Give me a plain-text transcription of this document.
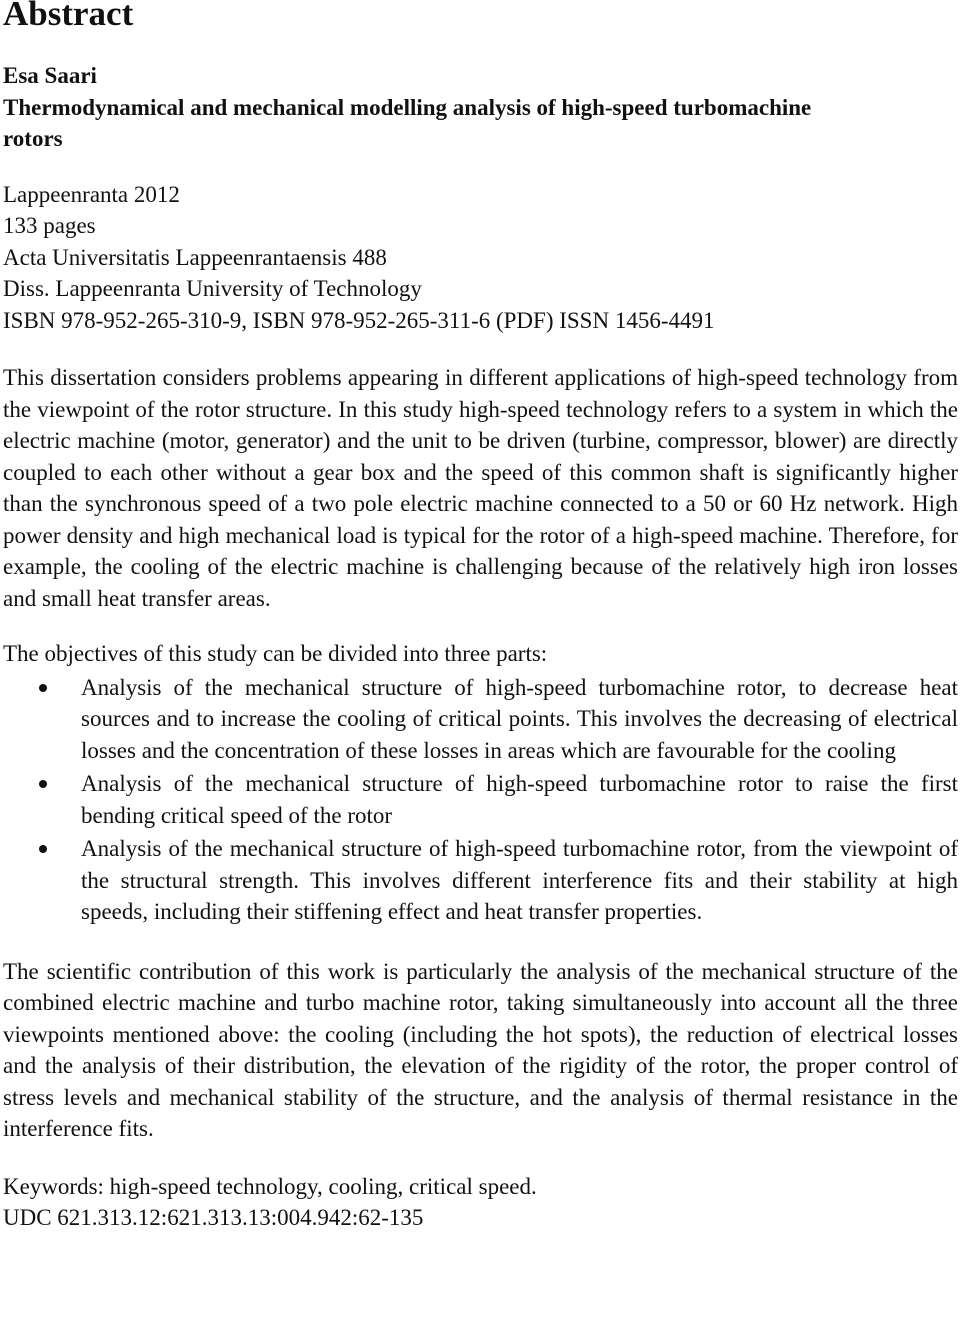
Abstract
Esa Saari
Thermodynamical and mechanical modelling analysis of high-speed turbomachine
rotors
Lappeenranta 2012
133 pages
Acta Universitatis Lappeenrantaensis 488
Diss. Lappeenranta University of Technology
ISBN 978-952-265-310-9, ISBN 978-952-265-311-6 (PDF) ISSN 1456-4491

This dissertation considers problems appearing in different applications of high-speed technology from the viewpoint of the rotor structure. In this study high-speed technology refers to a system in which the electric machine (motor, generator) and the unit to be driven (turbine, compressor, blower) are directly coupled to each other without a gear box and the speed of this common shaft is significantly higher than the synchronous speed of a two pole electric machine connected to a 50 or 60 Hz network. High power density and high mechanical load is typical for the rotor of a high-speed machine. Therefore, for example, the cooling of the electric machine is challenging because of the relatively high iron losses and small heat transfer areas.

The objectives of this study can be divided into three parts:

Analysis of the mechanical structure of high-speed turbomachine rotor, to decrease heat sources and to increase the cooling of critical points. This involves the decreasing of electrical losses and the concentration of these losses in areas which are favourable for the cooling
Analysis of the mechanical structure of high-speed turbomachine rotor to raise the first bending critical speed of the rotor
Analysis of the mechanical structure of high-speed turbomachine rotor, from the viewpoint of the structural strength. This involves different interference fits and their stability at high speeds, including their stiffening effect and heat transfer properties.

The scientific contribution of this work is particularly the analysis of the mechanical structure of the combined electric machine and turbo machine rotor, taking simultaneously into account all the three viewpoints mentioned above: the cooling (including the hot spots), the reduction of electrical losses and the analysis of their distribution, the elevation of the rigidity of the rotor, the proper control of stress levels and mechanical stability of the structure, and the analysis of thermal resistance in the interference fits.

Keywords: high-speed technology, cooling, critical speed.
UDC 621.313.12:621.313.13:004.942:62-135
